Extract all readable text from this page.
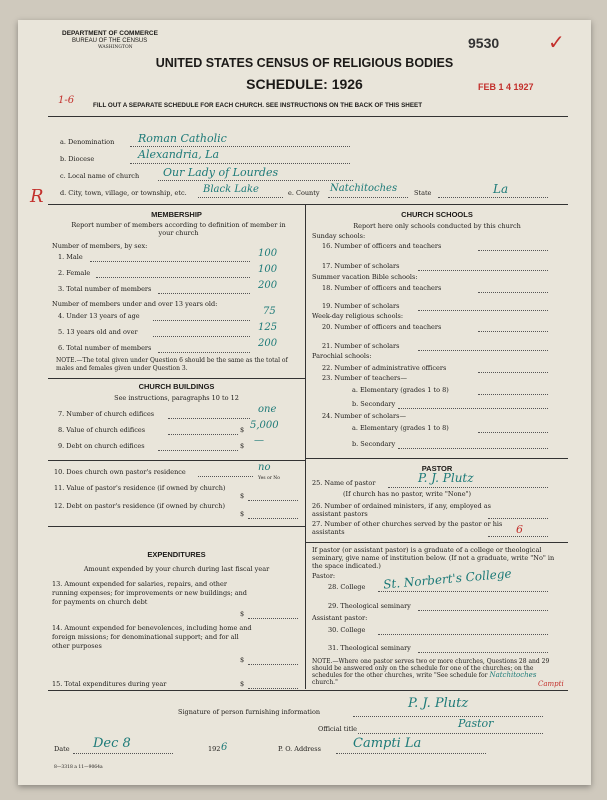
DEPARTMENT OF COMMERCE
BUREAU OF THE CENSUS
WASHINGTON	9530 ✓
UNITED STATES CENSUS OF RELIGIOUS BODIES
SCHEDULE: 1926	FEB 1 4 1927
1-6
R
FILL OUT A SEPARATE SCHEDULE FOR EACH CHURCH. SEE INSTRUCTIONS ON THE BACK OF THIS SHEET
a. Denomination Roman Catholic
b. Diocese	Alexandria, La
c. Local name of church Our Lady of Lourdes
d. City, town, village, or township, etc. Black Lake	e. County Natchitoches	State	La
MEMBERSHIP
Report number of members according to definition of member in your church
Number of members, by sex:
1. Male	100
2. Female	100
3. Total number of members	200
Number of members under and over 13 years old:
4. Under 13 years of age	75
5. 13 years old and over	125
6. Total number of members	200
NOTE.—The total given under Question 6 should be the same as the total of males and females given under Question 3.
CHURCH BUILDINGS
See instructions, paragraphs 10 to 12
7. Number of church edifices	one
8. Value of church edifices	$ 5,000
9. Debt on church edifices	$ —
10. Does church own pastor's residence	no
Yes or No
11. Value of pastor's residence (if owned by church)
$
12. Debt on pastor's residence (if owned by church)
$
EXPENDITURES
Amount expended by your church during last fiscal year
13. Amount expended for salaries, repairs, and other running expenses; for improvements or new buildings; and for payments on church debt
$
14. Amount expended for benevolences, including home and foreign missions; for denominational support; and for all other purposes
$
15. Total expenditures during year	$
CHURCH SCHOOLS
Report here only schools conducted by this church
Sunday schools:
16. Number of officers and teachers
17. Number of scholars
Summer vacation Bible schools:
18. Number of officers and teachers
19. Number of scholars
Week-day religious schools:
20. Number of officers and teachers
21. Number of scholars
Parochial schools:
22. Number of administrative officers
23. Number of teachers—
a. Elementary (grades 1 to 8)
b. Secondary
24. Number of scholars—
a. Elementary (grades 1 to 8)
b. Secondary
PASTOR
25. Name of pastor	P. J. Plutz
(If church has no pastor, write "None")
26. Number of ordained ministers, if any, employed as assistant pastors
27. Number of other churches served by the pastor or his assistants	6
If pastor (or assistant pastor) is a graduate of a college or theological seminary, give name of institution below. (If not a graduate, write "No" in the space indicated.)
Pastor:
28. College St. Norbert's College
29. Theological seminary
Assistant pastor:
30. College
31. Theological seminary
NOTE.—Where one pastor serves two or more churches, Questions 28 and 29 should be answered only on the schedule for one of the churches; on the schedules for the other churches, write "See schedule for Natchitoches church."	Campti
Signature of person furnishing information
P. J. Plutz
Official title	Pastor
Date Dec 8	192 6	P. O. Address Campti La
8—3318 a 11—9064a
